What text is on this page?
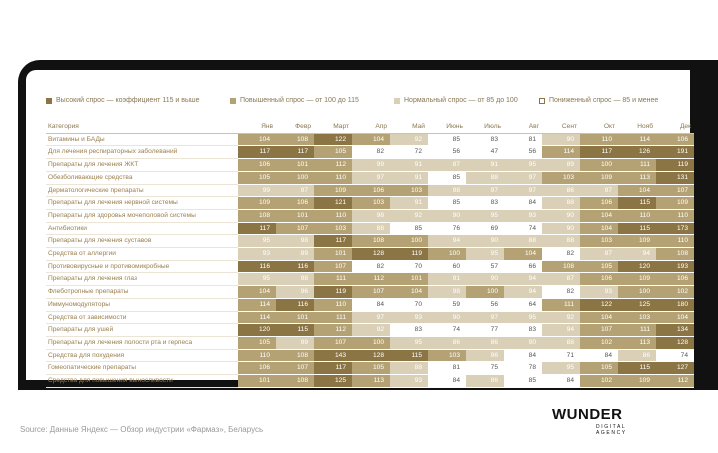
Высокий спрос — коэффициент 115 и выше	Повышенный спрос — от 100 до 115	Нормальный спрос — от 85 до 100	Пониженный спрос — 85 и менее
Категория	Янв	Февр	Март	Апр	Май	Июнь	Июль	Авг	Сент	Окт	Нояб	Дек
Витамины и БАДы	104	108	122	104	92	85	83	81	90	110	114	106
Для лечения респираторных заболеваний	117	117	105	82	72	56	47	56	114	117	126	191
Препараты для лечения ЖКТ	106	101	112	99	91	87	91	95	89	100	111	119
Обезболивающие средства	105	100	110	97	91	85	88	97	103	109	113	131
Дерматологические препараты	99	97	109	106	103	98	97	97	86	97	104	107
Препараты для лечения нервной системы	109	106	121	103	91	85	83	84	88	106	115	109
Препараты для здоровья мочеполовой системы	108	101	110	98	92	90	95	93	90	104	110	110
Антибиотики	117	107	103	88	85	76	69	74	90	104	115	173
Препараты для лечения суставов	95	98	117	108	100	94	90	88	88	103	109	110
Средства от аллергии	93	89	101	128	119	100	95	104	82	87	94	108
Противовирусные и противомикробные	116	116	107	82	70	60	57	66	108	105	120	193
Препараты для лечения глаз	95	98	111	112	101	91	90	94	87	106	109	106
Флеботропные препараты	104	96	119	107	104	98	100	94	82	93	100	102
Иммуномодуляторы	114	116	110	84	70	59	56	64	111	122	125	180
Средства от зависимости	114	101	111	97	93	90	97	95	92	104	103	104
Препараты для ушей	120	115	112	92	83	74	77	83	94	107	111	134
Препараты для лечения полости рта и герпеса	105	99	107	100	95	86	86	90	88	102	113	128
Средства для похудения	110	108	143	128	115	103	96	84	71	84	86	74
Гомеопатические препараты	106	107	117	105	88	81	75	78	95	105	115	127
Средства для повышения выносливости	101	108	125	113	93	84	86	85	84	102	109	112
Source: Данные Яндекс — Обзор индустрии «Фармаз», Беларусь
WUNDER
DIGITAL AGENCY
